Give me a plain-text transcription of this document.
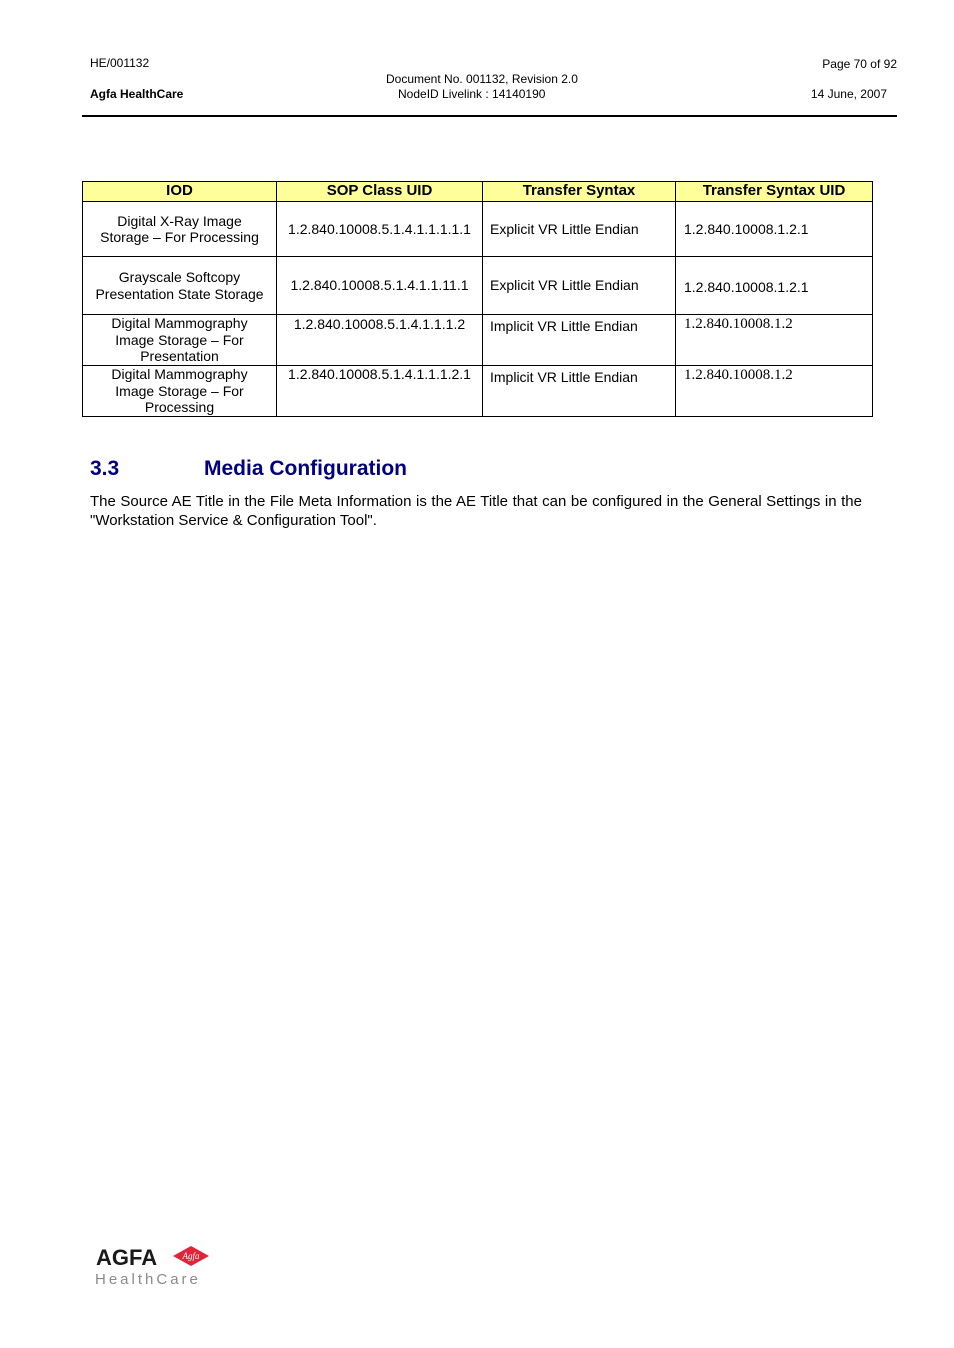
HE/001132
Agfa HealthCare
Document No. 001132, Revision 2.0
NodeID Livelink : 14140190
Page 70 of 92
14 June, 2007
IOD	SOP Class UID	Transfer Syntax	Transfer Syntax UID
Digital X-Ray Image Storage – For Processing	1.2.840.10008.5.1.4.1.1.1.1.1	Explicit VR Little Endian	1.2.840.10008.1.2.1
Grayscale Softcopy Presentation State Storage	1.2.840.10008.5.1.4.1.1.11.1	Explicit VR Little Endian	1.2.840.10008.1.2.1
Digital Mammography Image Storage – For Presentation	1.2.840.10008.5.1.4.1.1.1.2	Implicit VR Little Endian	1.2.840.10008.1.2
Digital Mammography Image Storage – For Processing	1.2.840.10008.5.1.4.1.1.1.2.1	Implicit VR Little Endian	1.2.840.10008.1.2
3.3	Media Configuration
The Source AE Title in the File Meta Information is the AE Title that can be configured in the General Settings in the "Workstation Service & Configuration Tool".
AGFA	Agfa
HealthCare
